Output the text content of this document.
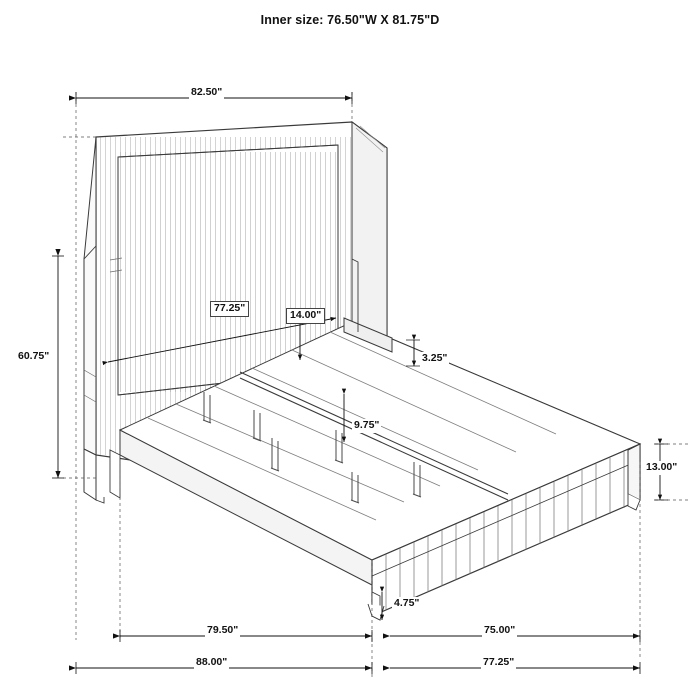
Inner size: 76.50"W X 81.75"D
82.50"
77.25"
14.00"
3.25"
9.75"
60.75"
13.00"
4.75"
79.50"	75.00"
88.00"	77.25"
